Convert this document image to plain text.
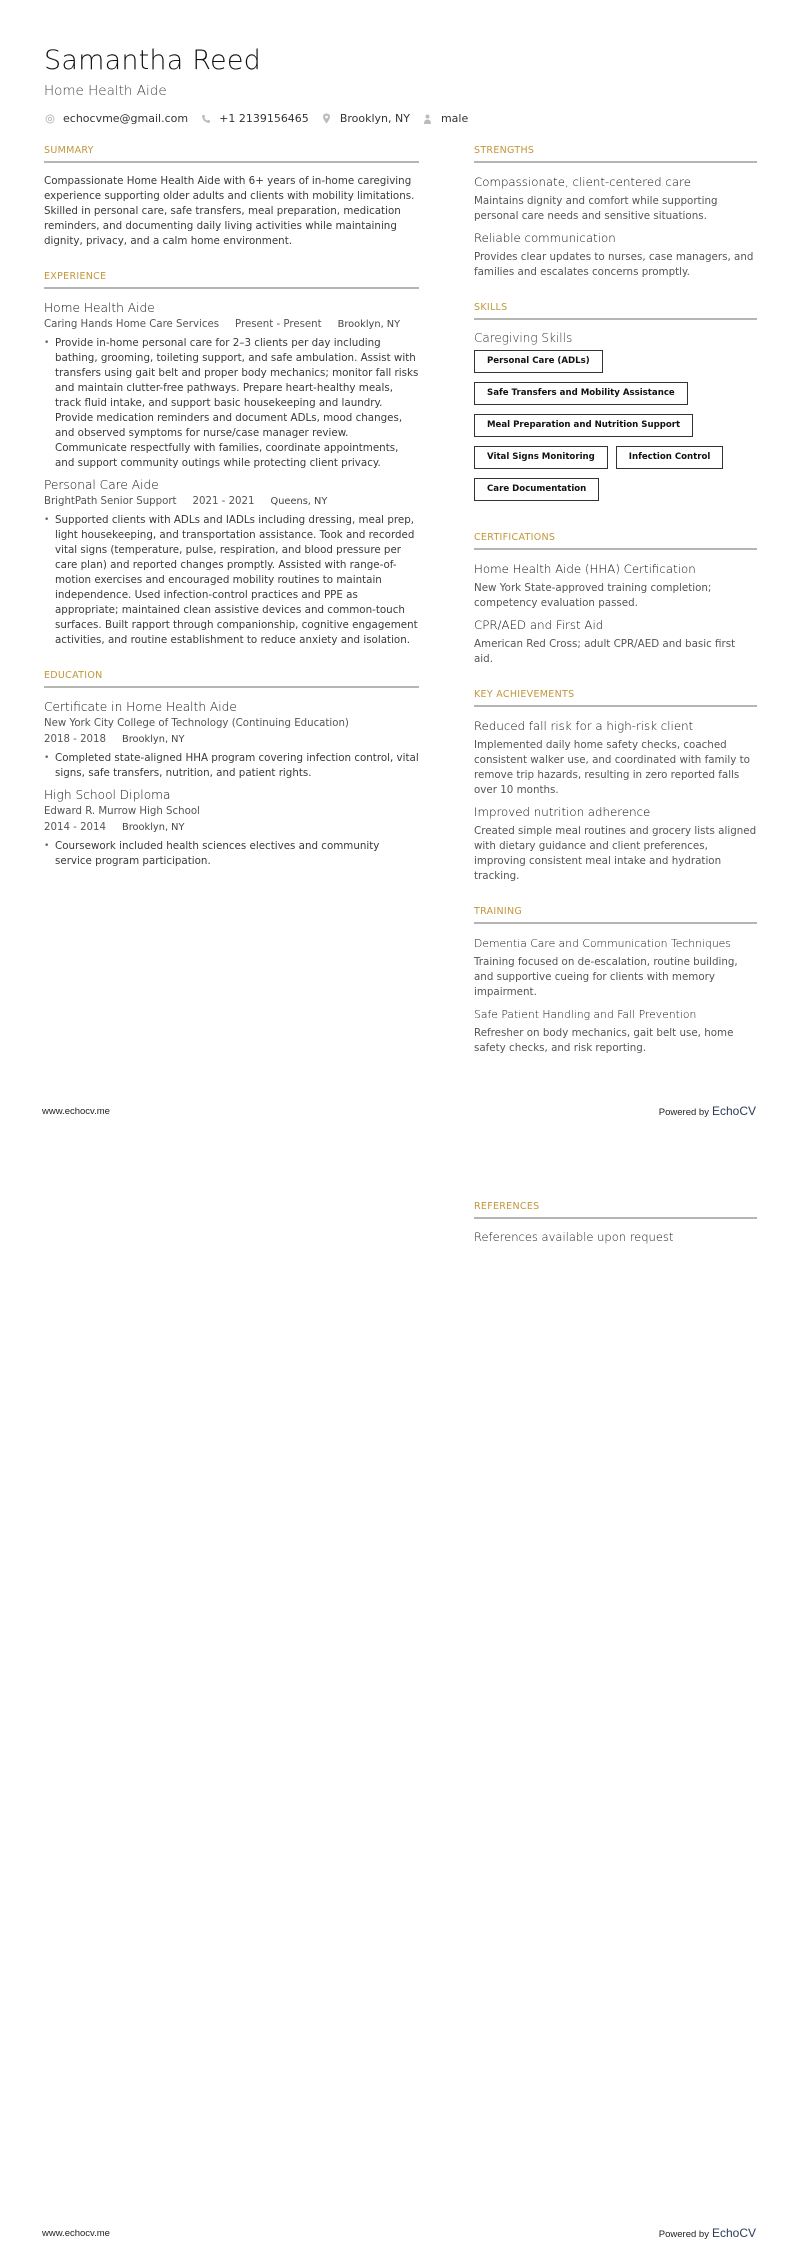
Samantha Reed
Home Health Aide
echocvme@gmail.com	+1 2139156465	Brooklyn, NY	male
SUMMARY
Compassionate Home Health Aide with 6+ years of in-home caregiving experience supporting older adults and clients with mobility limitations. Skilled in personal care, safe transfers, meal preparation, medication reminders, and documenting daily living activities while maintaining dignity, privacy, and a calm home environment.
EXPERIENCE
Home Health Aide
Caring Hands Home Care Services Present - Present Brooklyn, NY
• Provide in-home personal care for 2–3 clients per day including bathing, grooming, toileting support, and safe ambulation. Assist with transfers using gait belt and proper body mechanics; monitor fall risks and maintain clutter-free pathways. Prepare heart-healthy meals, track fluid intake, and support basic housekeeping and laundry. Provide medication reminders and document ADLs, mood changes, and observed symptoms for nurse/case manager review. Communicate respectfully with families, coordinate appointments, and support community outings while protecting client privacy.
Personal Care Aide
BrightPath Senior Support 2021 - 2021 Queens, NY
• Supported clients with ADLs and IADLs including dressing, meal prep, light housekeeping, and transportation assistance. Took and recorded vital signs (temperature, pulse, respiration, and blood pressure per care plan) and reported changes promptly. Assisted with range-of-motion exercises and encouraged mobility routines to maintain independence. Used infection-control practices and PPE as appropriate; maintained clean assistive devices and common-touch surfaces. Built rapport through companionship, cognitive engagement activities, and routine establishment to reduce anxiety and isolation.
EDUCATION
Certificate in Home Health Aide
New York City College of Technology (Continuing Education)
2018 - 2018 Brooklyn, NY
• Completed state-aligned HHA program covering infection control, vital signs, safe transfers, nutrition, and patient rights.
High School Diploma
Edward R. Murrow High School
2014 - 2014 Brooklyn, NY
• Coursework included health sciences electives and community service program participation.
STRENGTHS
Compassionate, client-centered care
Maintains dignity and comfort while supporting personal care needs and sensitive situations.
Reliable communication
Provides clear updates to nurses, case managers, and families and escalates concerns promptly.
SKILLS
Caregiving Skills
Personal Care (ADLs)
Safe Transfers and Mobility Assistance
Meal Preparation and Nutrition Support
Vital Signs Monitoring	Infection Control
Care Documentation
CERTIFICATIONS
Home Health Aide (HHA) Certification
New York State-approved training completion; competency evaluation passed.
CPR/AED and First Aid
American Red Cross; adult CPR/AED and basic first aid.
KEY ACHIEVEMENTS
Reduced fall risk for a high-risk client
Implemented daily home safety checks, coached consistent walker use, and coordinated with family to remove trip hazards, resulting in zero reported falls over 10 months.
Improved nutrition adherence
Created simple meal routines and grocery lists aligned with dietary guidance and client preferences, improving consistent meal intake and hydration tracking.
TRAINING
Dementia Care and Communication Techniques
Training focused on de-escalation, routine building, and supportive cueing for clients with memory impairment.
Safe Patient Handling and Fall Prevention
Refresher on body mechanics, gait belt use, home safety checks, and risk reporting.
www.echocv.me	Powered by EchoCV
REFERENCES
References available upon request
www.echocv.me	Powered by EchoCV
